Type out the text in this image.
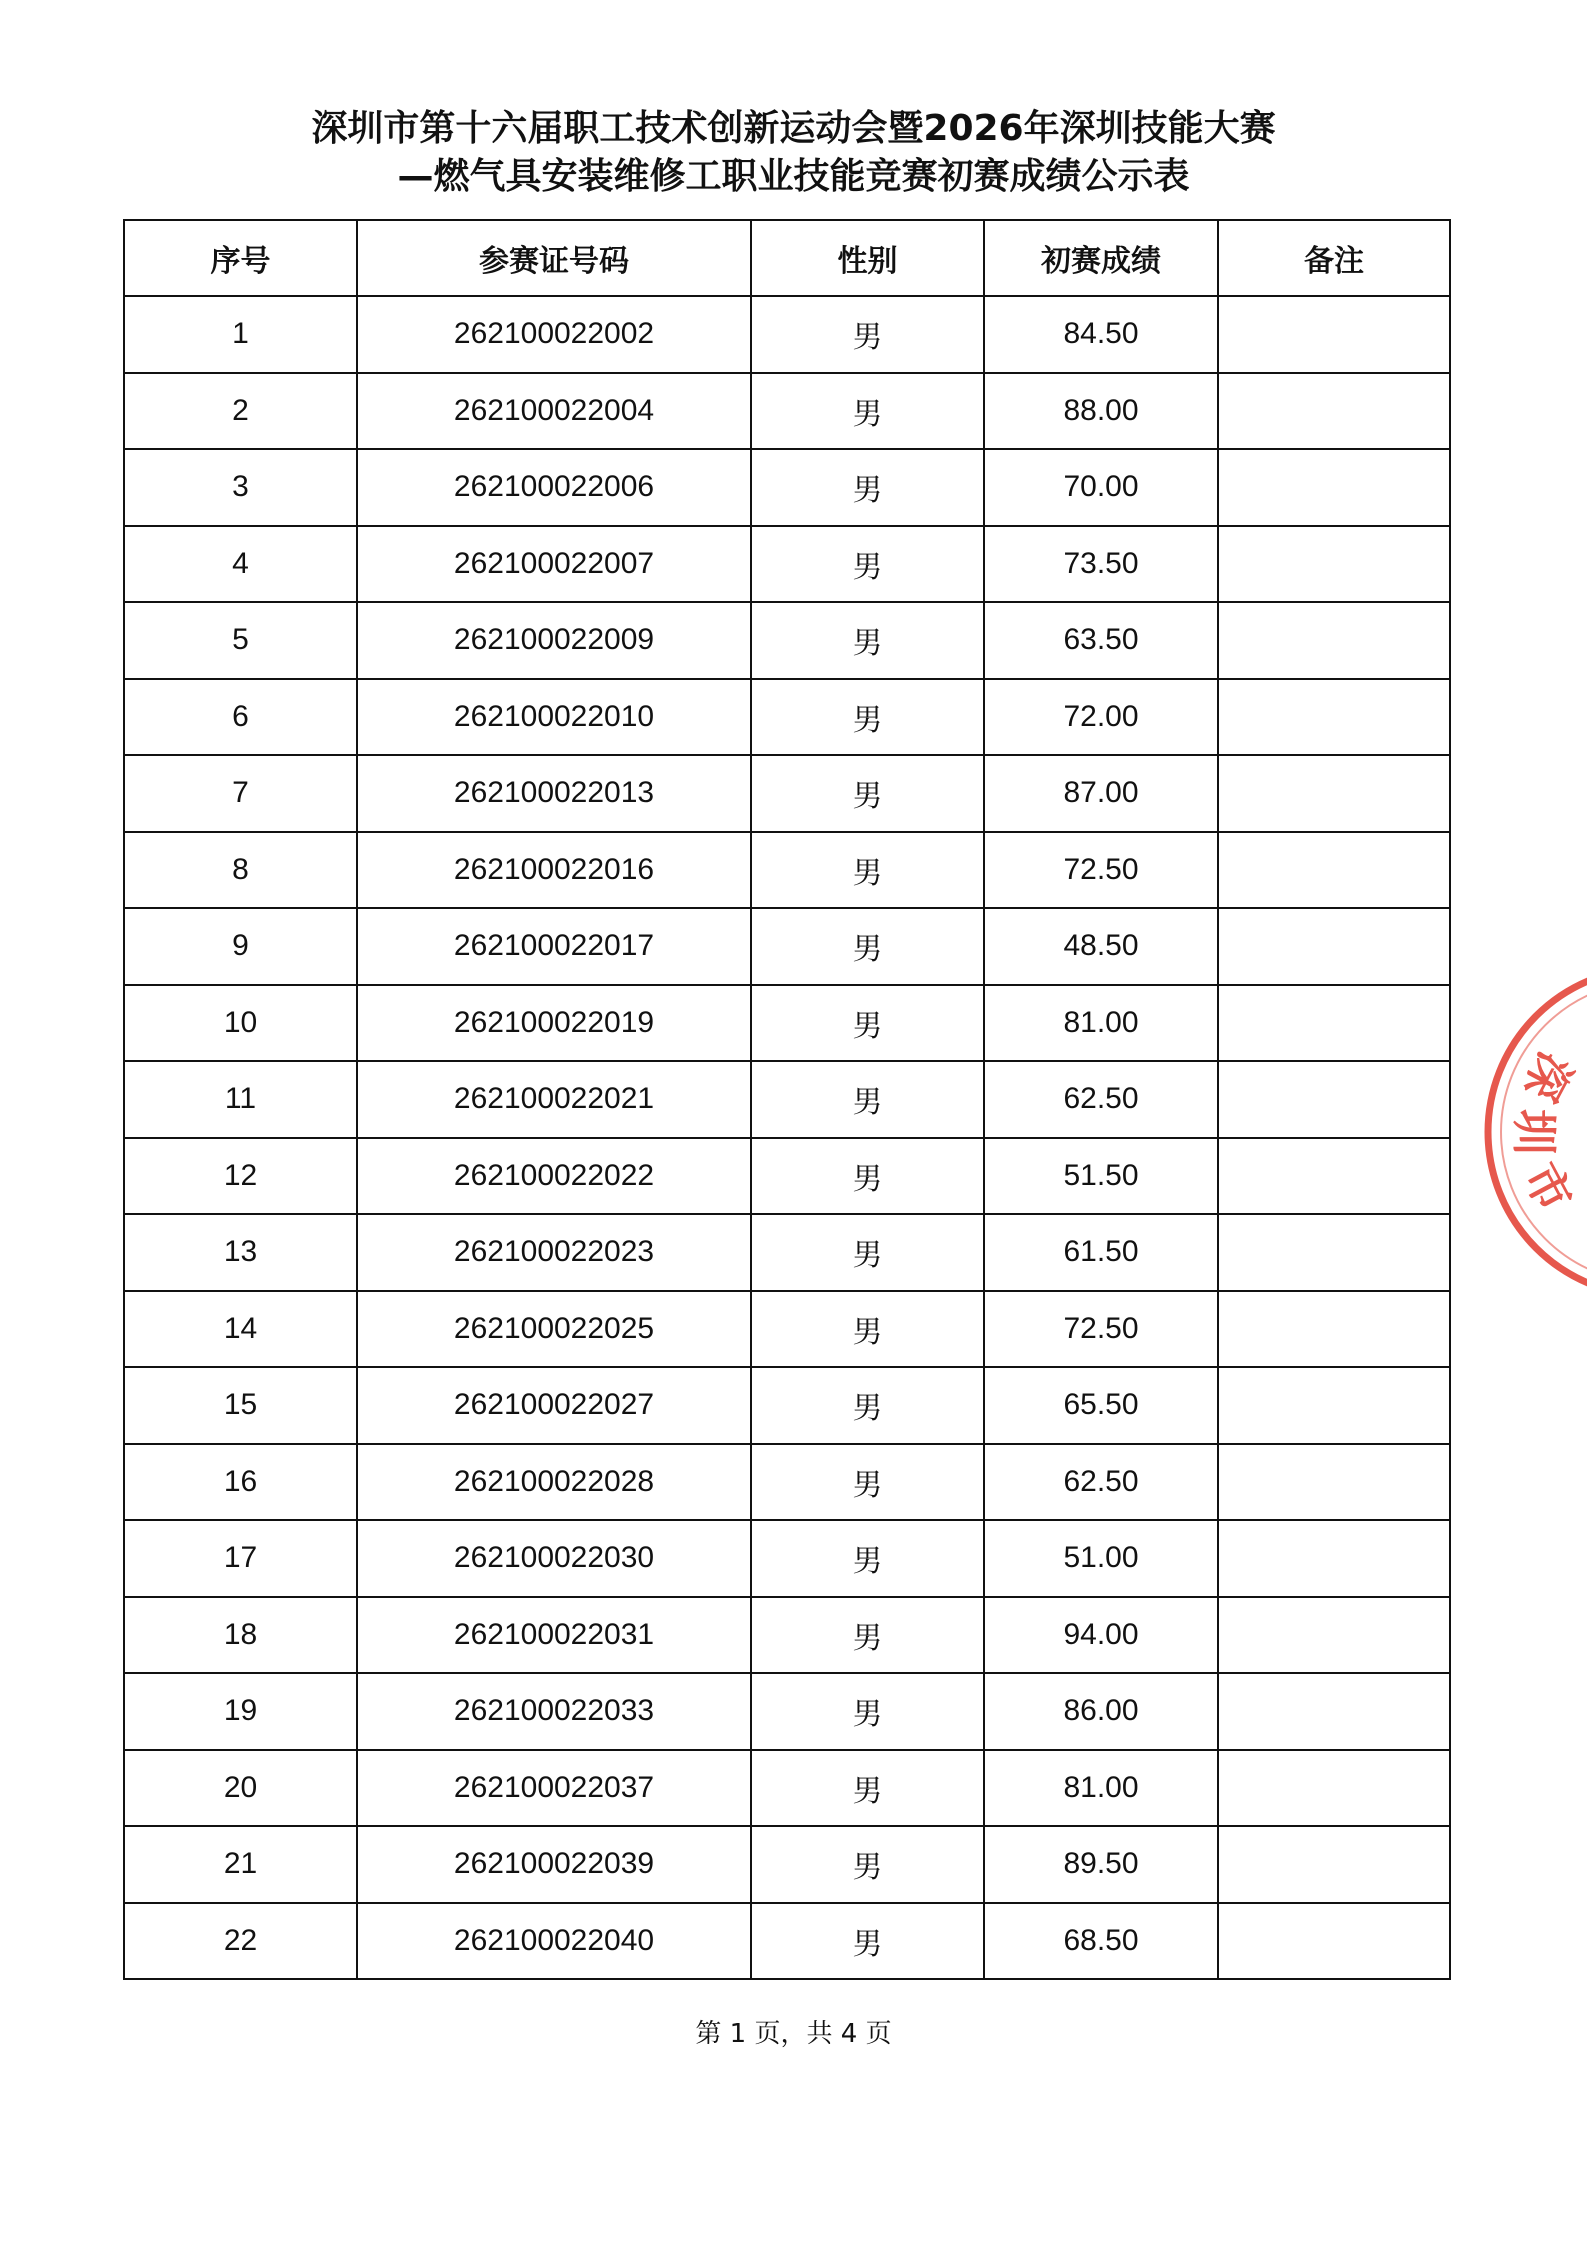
深圳市第十六届职工技术创新运动会暨2026年深圳技能大赛
—燃气具安装维修工职业技能竞赛初赛成绩公示表
序号	参赛证号码	性别	初赛成绩	备注
1	262100022002	男	84.50	
2	262100022004	男	88.00	
3	262100022006	男	70.00	
4	262100022007	男	73.50	
5	262100022009	男	63.50	
6	262100022010	男	72.00	
7	262100022013	男	87.00	
8	262100022016	男	72.50	
9	262100022017	男	48.50	
10	262100022019	男	81.00	
11	262100022021	男	62.50	
12	262100022022	男	51.50	
13	262100022023	男	61.50	
14	262100022025	男	72.50	
15	262100022027	男	65.50	
16	262100022028	男	62.50	
17	262100022030	男	51.00	
18	262100022031	男	94.00	
19	262100022033	男	86.00	
20	262100022037	男	81.00	
21	262100022039	男	89.50	
22	262100022040	男	68.50	
第 1 页，共 4 页
深
圳
市
